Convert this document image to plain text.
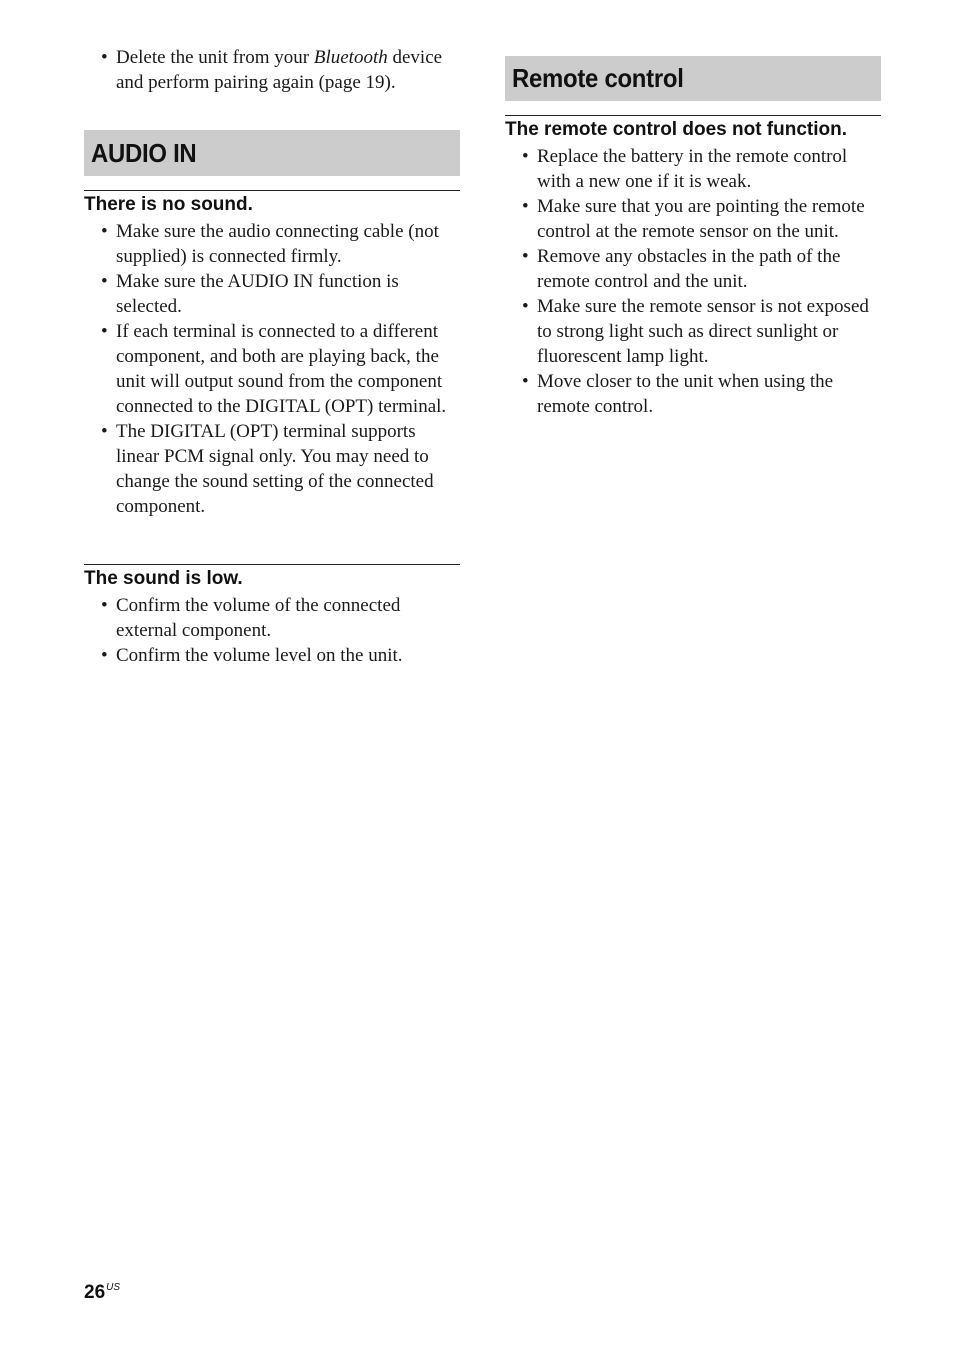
• Delete the unit from your Bluetooth device and perform pairing again (page 19).
AUDIO IN
There is no sound.
• Make sure the audio connecting cable (not supplied) is connected firmly.
• Make sure the AUDIO IN function is selected.
• If each terminal is connected to a different component, and both are playing back, the unit will output sound from the component connected to the DIGITAL (OPT) terminal.
• The DIGITAL (OPT) terminal supports linear PCM signal only. You may need to change the sound setting of the connected component.
The sound is low.
• Confirm the volume of the connected external component.
• Confirm the volume level on the unit.
Remote control
The remote control does not function.
• Replace the battery in the remote control with a new one if it is weak.
• Make sure that you are pointing the remote control at the remote sensor on the unit.
• Remove any obstacles in the path of the remote control and the unit.
• Make sure the remote sensor is not exposed to strong light such as direct sunlight or fluorescent lamp light.
• Move closer to the unit when using the remote control.
$26^{US}$
